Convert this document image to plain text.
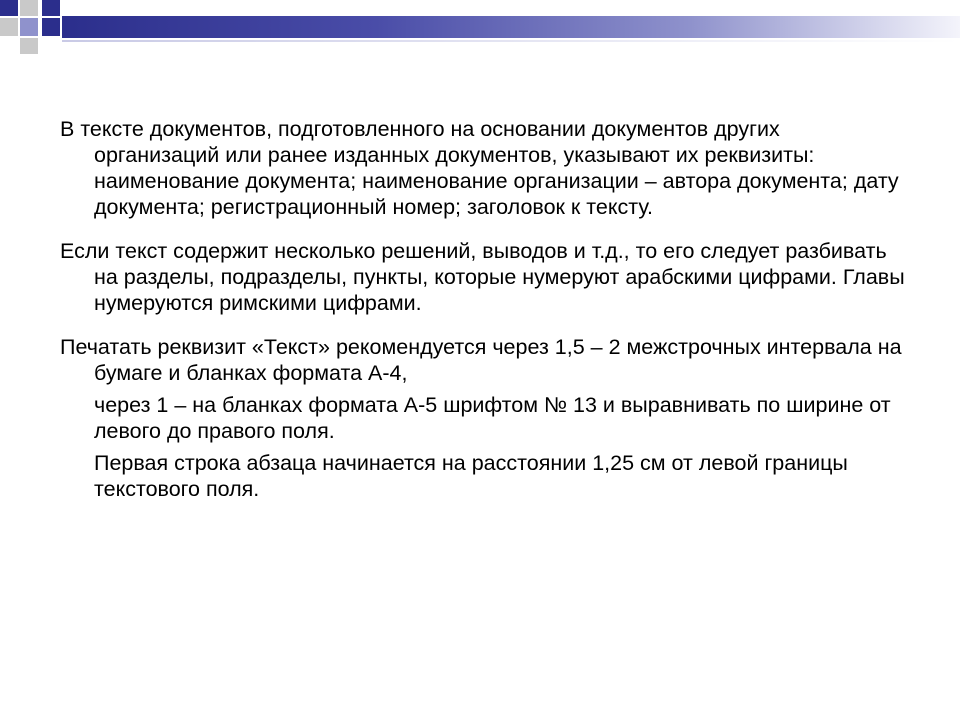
В тексте документов, подготовленного на основании документов других организаций или ранее изданных документов, указывают их реквизиты: наименование документа; наименование организации – автора документа; дату документа; регистрационный номер; заголовок к тексту.

Если текст содержит несколько решений, выводов и т.д., то его следует разбивать на разделы, подразделы, пункты, которые нумеруют арабскими цифрами. Главы нумеруются римскими цифрами.

Печатать реквизит «Текст» рекомендуется через 1,5 – 2 межстрочных интервала на бумаге и бланках формата А-4,

через 1 – на бланках формата А-5 шрифтом № 13 и выравнивать по ширине от левого до правого поля.

Первая строка абзаца начинается на расстоянии 1,25 см от левой границы текстового поля.
